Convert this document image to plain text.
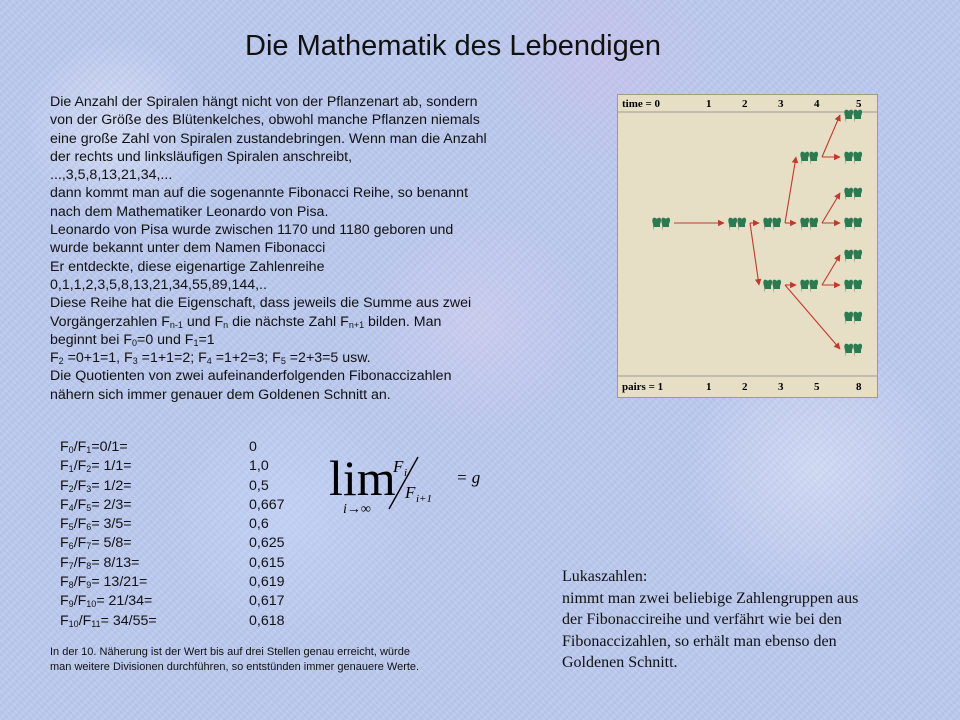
Die Mathematik des Lebendigen
Die Anzahl der Spiralen hängt nicht von der Pflanzenart ab, sondern
von der Größe des Blütenkelches, obwohl manche Pflanzen niemals
eine große Zahl von Spiralen zustandebringen. Wenn man die Anzahl
der rechts und linksläufigen Spiralen anschreibt,
...,3,5,8,13,21,34,...
dann kommt man auf die sogenannte Fibonacci Reihe, so benannt
nach dem Mathematiker Leonardo von Pisa.
Leonardo von Pisa wurde zwischen 1170 und 1180 geboren und
wurde bekannt unter dem Namen Fibonacci
Er entdeckte, diese eigenartige Zahlenreihe
0,1,1,2,3,5,8,13,21,34,55,89,144,..
Diese Reihe hat die Eigenschaft, dass jeweils die Summe aus zwei
Vorgängerzahlen $F_{n-1}$ und $F_n$ die nächste Zahl $F_{n+1}$ bilden. Man
beginnt bei $F_0=0$ und $F_1=1$
$F_2 =0+1=1$, $F_3 =1+1=2$; $F_4 =1+2=3$; $F_5 =2+3=5$ usw.
Die Quotienten von zwei aufeinanderfolgenden Fibonaccizahlen
nähern sich immer genauer dem Goldenen Schnitt an.
$F_0/F_1=0/1=$	0
$F_1/F_2= 1/1=$	1,0
$F_2/F_3= 1/2=$	0,5
$F_4/F_5= 2/3=$	0,667
$F_5/F_6= 3/5=$	0,6
$F_6/F_7= 5/8=$	0,625
$F_7/F_8= 8/13=$	0,615
$F_8/F_9= 13/21=$	0,619
$F_9/F_{10}= 21/34=$	0,617
$F_{10}/F_{11}= 34/55=$	0,618
lim
i→∞
F i
F i+1
= g
In der 10. Näherung ist der Wert bis auf drei Stellen genau erreicht, würde
man weitere Divisionen durchführen, so entstünden immer genauere Werte.
time = 0
pairs = 1
1	2	3	4	5
1	2	3	5	8
Lukaszahlen:
nimmt man zwei beliebige Zahlengruppen aus
der Fibonaccireihe und verfährt wie bei den
Fibonaccizahlen, so erhält man ebenso den
Goldenen Schnitt.
